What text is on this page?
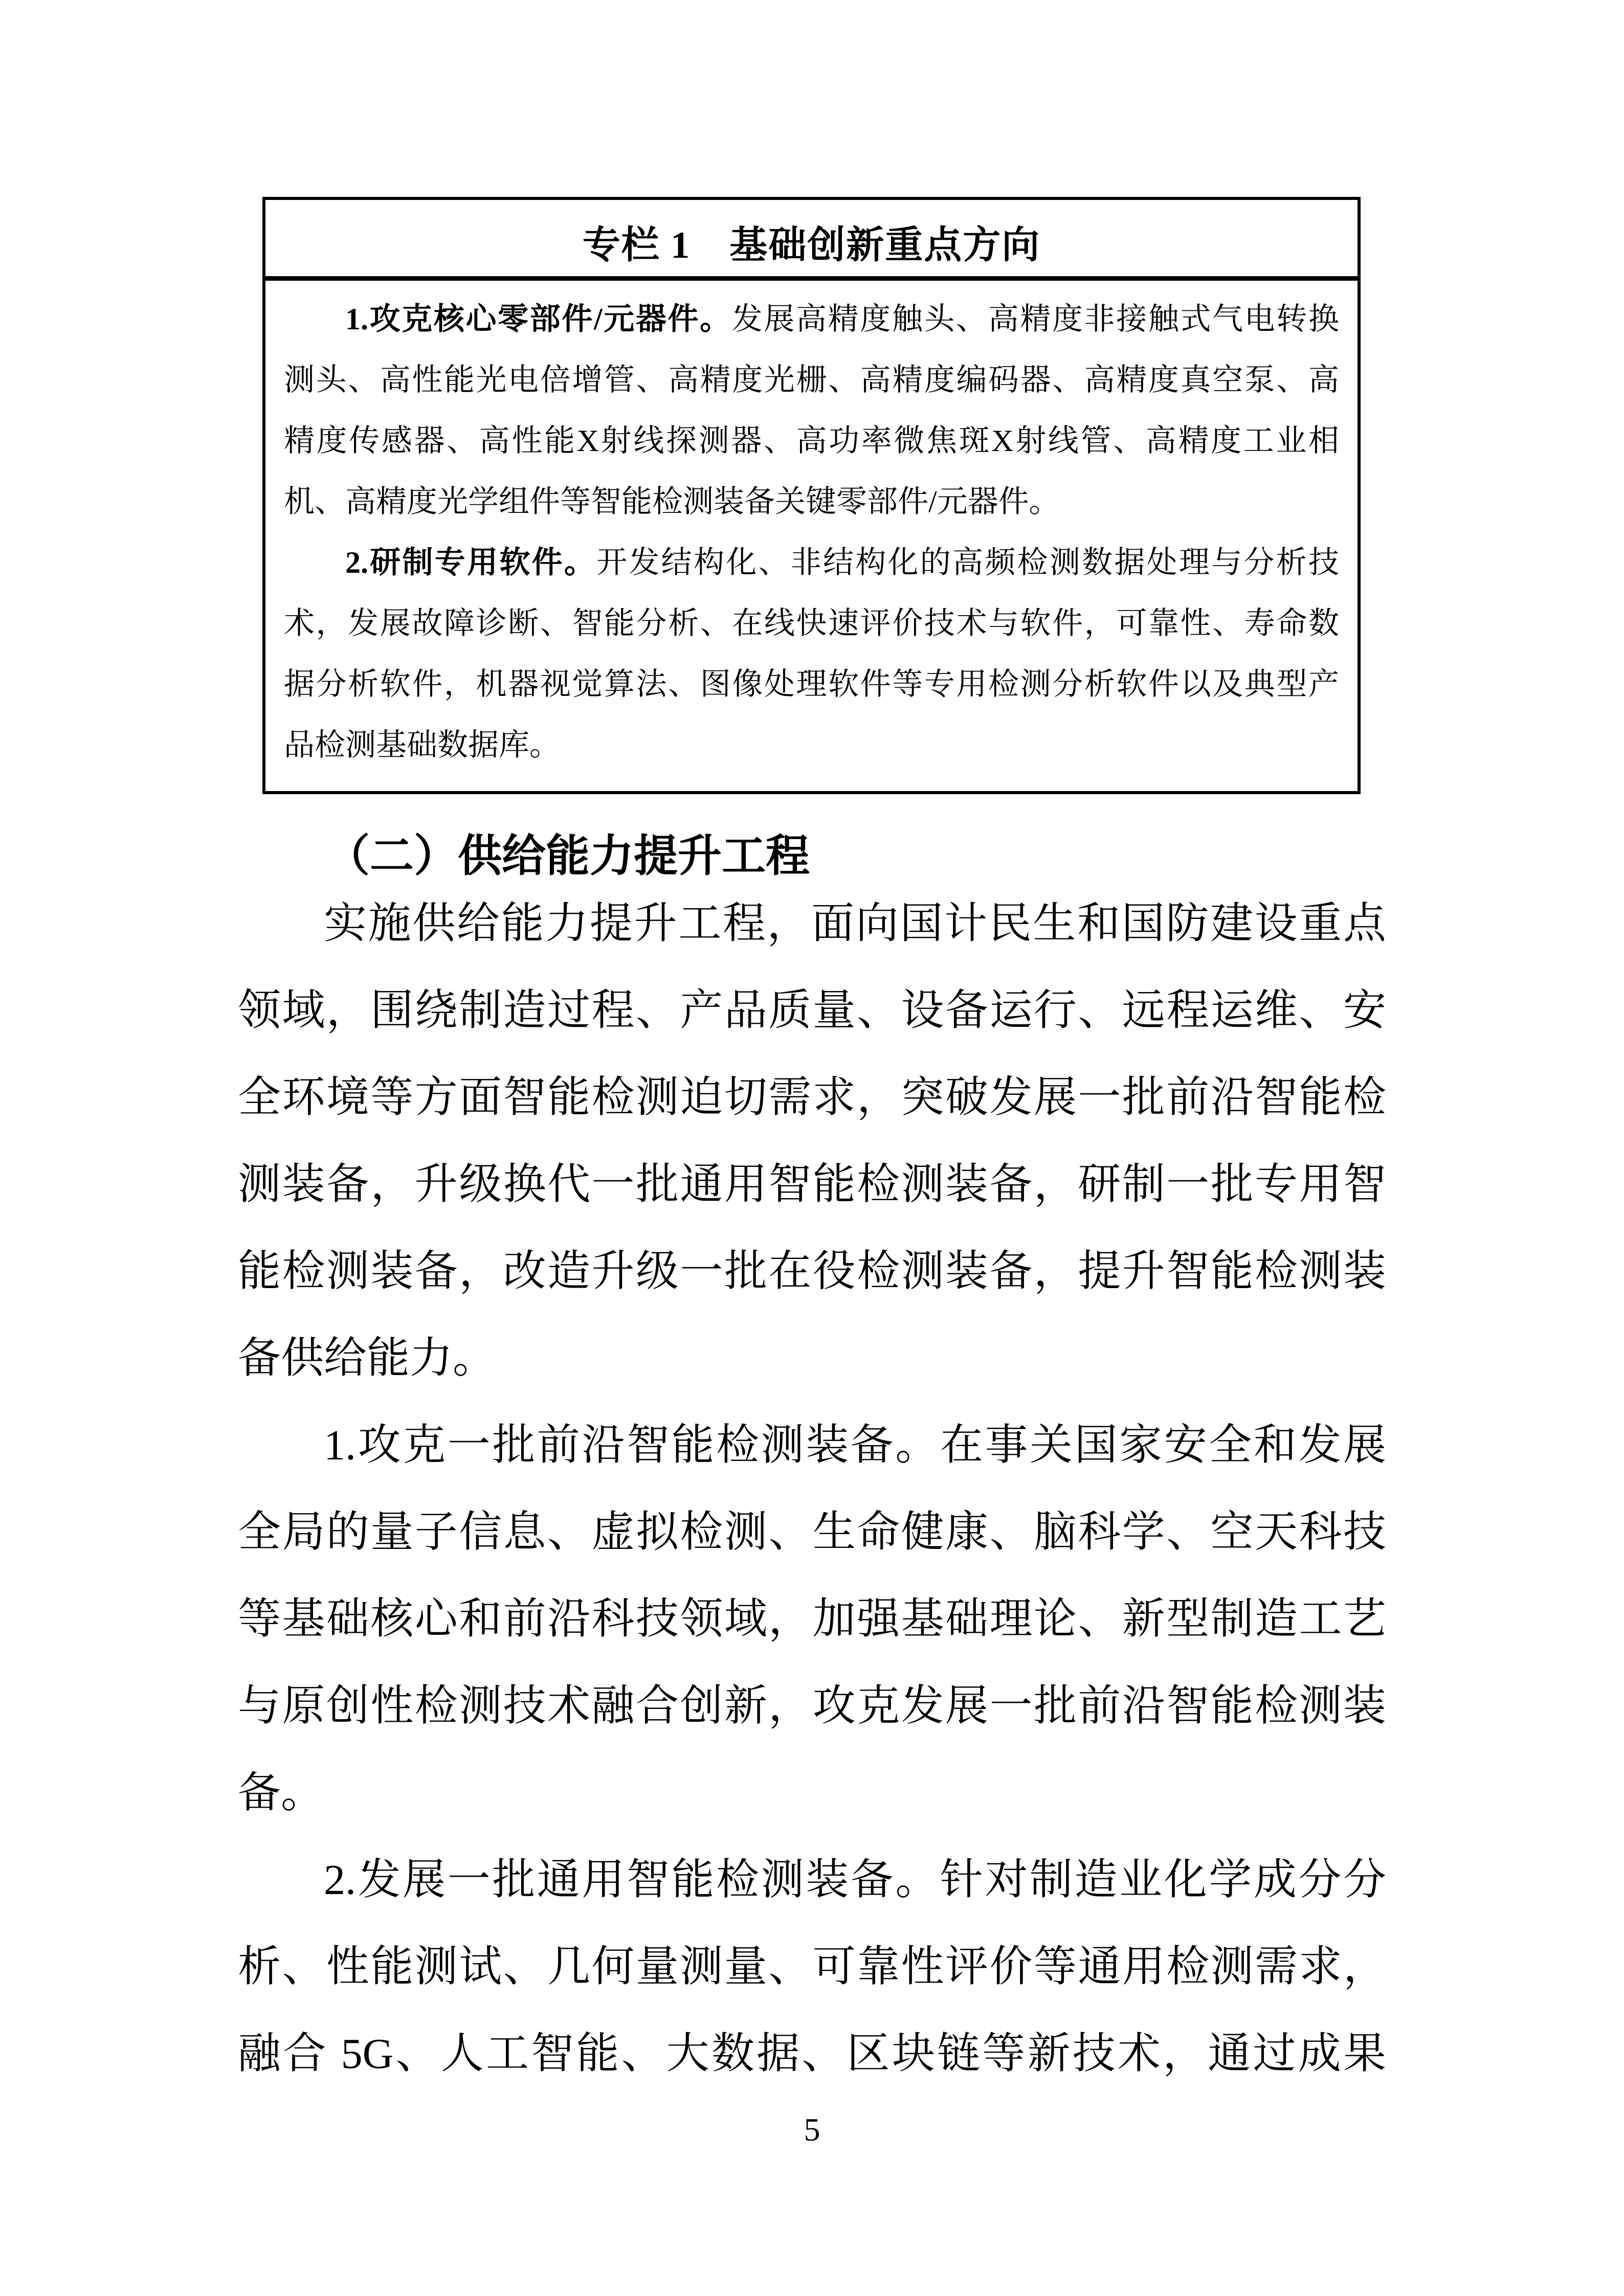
专栏 1　基础创新重点方向
1.攻克核心零部件/元器件。发展高精度触头、高精度非接触式气电转换
测头、高性能光电倍增管、高精度光栅、高精度编码器、高精度真空泵、高
精度传感器、高性能X射线探测器、高功率微焦斑X射线管、高精度工业相
机、高精度光学组件等智能检测装备关键零部件/元器件。
2.研制专用软件。开发结构化、非结构化的高频检测数据处理与分析技
术，发展故障诊断、智能分析、在线快速评价技术与软件，可靠性、寿命数
据分析软件，机器视觉算法、图像处理软件等专用检测分析软件以及典型产
品检测基础数据库。
（二）供给能力提升工程
实施供给能力提升工程，面向国计民生和国防建设重点
领域，围绕制造过程、产品质量、设备运行、远程运维、安
全环境等方面智能检测迫切需求，突破发展一批前沿智能检
测装备，升级换代一批通用智能检测装备，研制一批专用智
能检测装备，改造升级一批在役检测装备，提升智能检测装
备供给能力。
1.攻克一批前沿智能检测装备。在事关国家安全和发展
全局的量子信息、虚拟检测、生命健康、脑科学、空天科技
等基础核心和前沿科技领域，加强基础理论、新型制造工艺
与原创性检测技术融合创新，攻克发展一批前沿智能检测装
备。
2.发展一批通用智能检测装备。针对制造业化学成分分
析、性能测试、几何量测量、可靠性评价等通用检测需求，
融合 5G、人工智能、大数据、区块链等新技术，通过成果
5
